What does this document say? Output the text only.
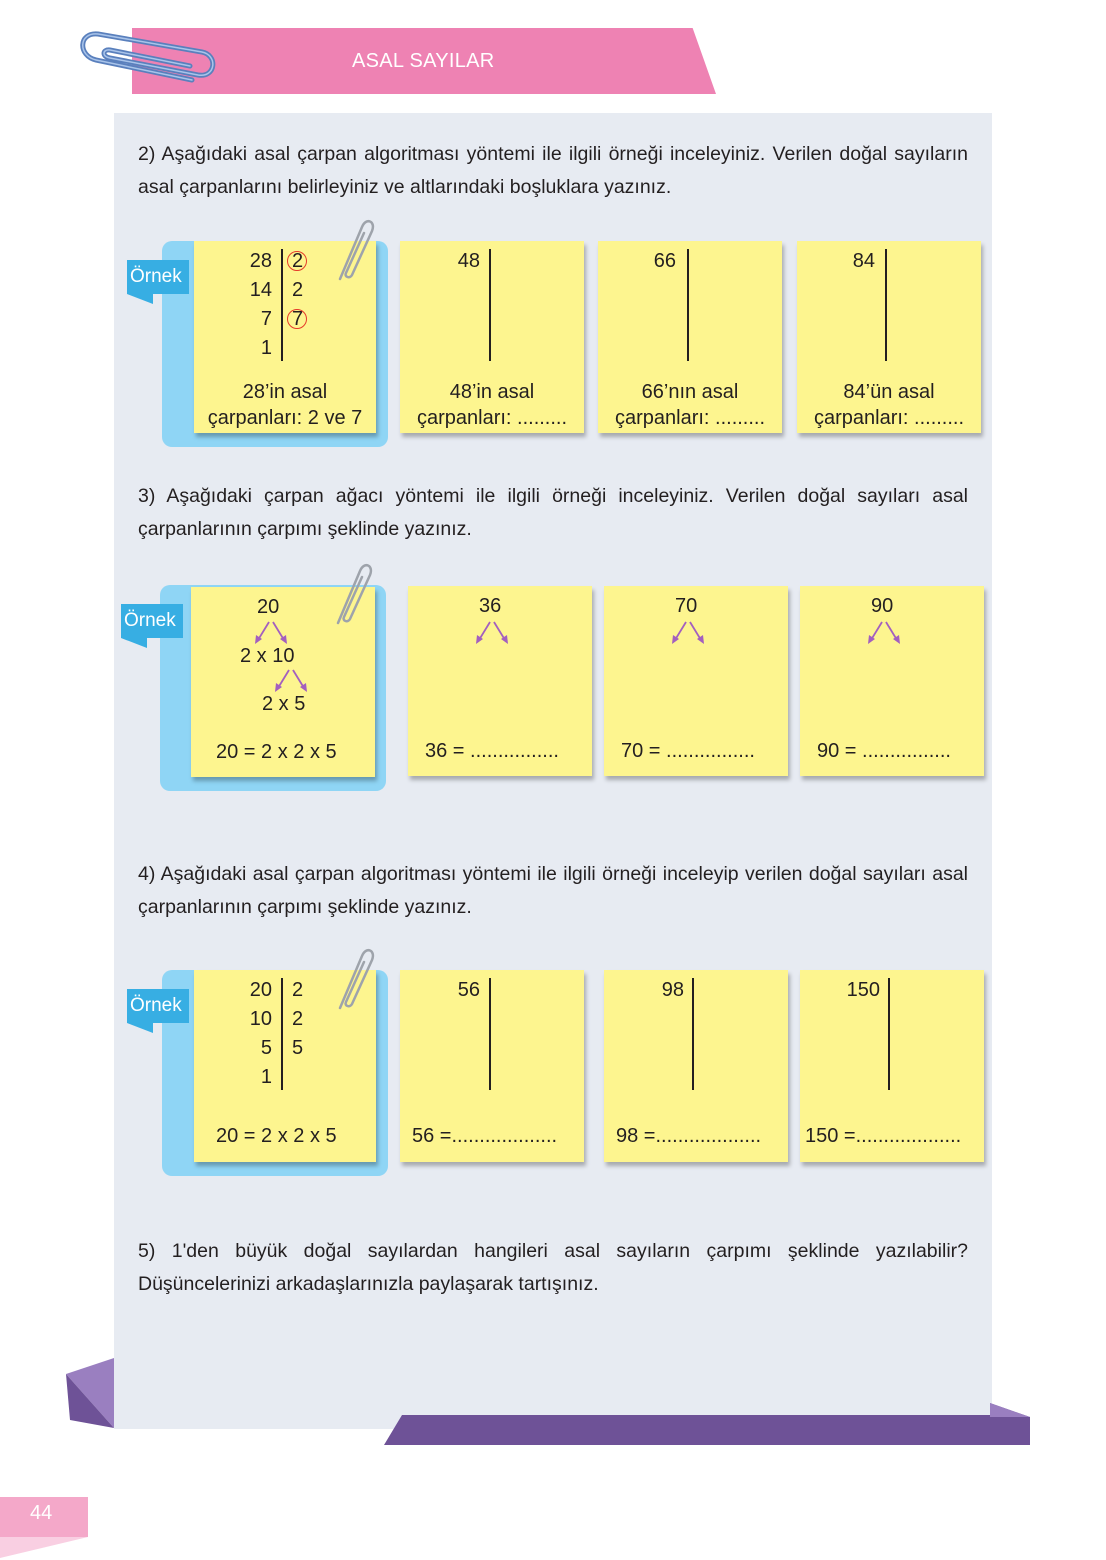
ASAL SAYILAR
2) Aşağıdaki asal çarpan algoritması yöntemi ile ilgili örneği inceleyiniz. Verilen doğal sayıların asal çarpanlarını belirleyiniz ve altlarındaki boşluklara yazınız.
Örnek
28
14
7
1
2
2
7
28’in asal
çarpanları: 2 ve 7
48
48’in asal
çarpanları: .........
66
66’nın asal
çarpanları: .........
84
84’ün asal
çarpanları: .........
3) Aşağıdaki çarpan ağacı yöntemi ile ilgili örneği inceleyiniz. Verilen doğal sayıları asal çarpanlarının çarpımı şeklinde yazınız.
Örnek
20
2 x 10
2 x 5
20 = 2 x 2 x 5
36
36 = ................
70
70 = ................
90
90 = ................
4) Aşağıdaki asal çarpan algoritması yöntemi ile ilgili örneği inceleyip verilen doğal sayıları asal çarpanlarının çarpımı şeklinde yazınız.
Örnek
20
10
5
1
2
2
5
20 = 2 x 2 x 5
56
56 =...................
98
98 =...................
150
150 =...................
5) 1'den büyük doğal sayılardan hangileri asal sayıların çarpımı şeklinde yazılabilir? Düşüncelerinizi arkadaşlarınızla paylaşarak tartışınız.
44
